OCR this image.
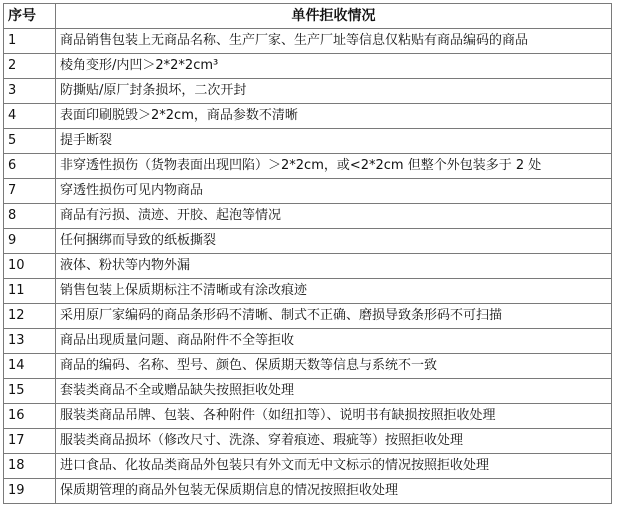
序号	单件拒收情况
1	商品销售包装上无商品名称、生产厂家、生产厂址等信息仅粘贴有商品编码的商品
2	棱角变形/内凹＞2*2*2cm³
3	防撕贴/原厂封条损坏，二次开封
4	表面印刷脱毁＞2*2cm，商品参数不清晰
5	提手断裂
6	非穿透性损伤（货物表面出现凹陷）＞2*2cm，或<2*2cm 但整个外包装多于 2 处
7	穿透性损伤可见内物商品
8	商品有污损、渍迹、开胶、起泡等情况
9	任何捆绑而导致的纸板撕裂
10	液体、粉状等内物外漏
11	销售包装上保质期标注不清晰或有涂改痕迹
12	采用原厂家编码的商品条形码不清晰、制式不正确、磨损导致条形码不可扫描
13	商品出现质量问题、商品附件不全等拒收
14	商品的编码、名称、型号、颜色、保质期天数等信息与系统不一致
15	套装类商品不全或赠品缺失按照拒收处理
16	服装类商品吊牌、包装、各种附件（如纽扣等）、说明书有缺损按照拒收处理
17	服装类商品损坏（修改尺寸、洗涤、穿着痕迹、瑕疵等）按照拒收处理
18	进口食品、化妆品类商品外包装只有外文而无中文标示的情况按照拒收处理
19	保质期管理的商品外包装无保质期信息的情况按照拒收处理
